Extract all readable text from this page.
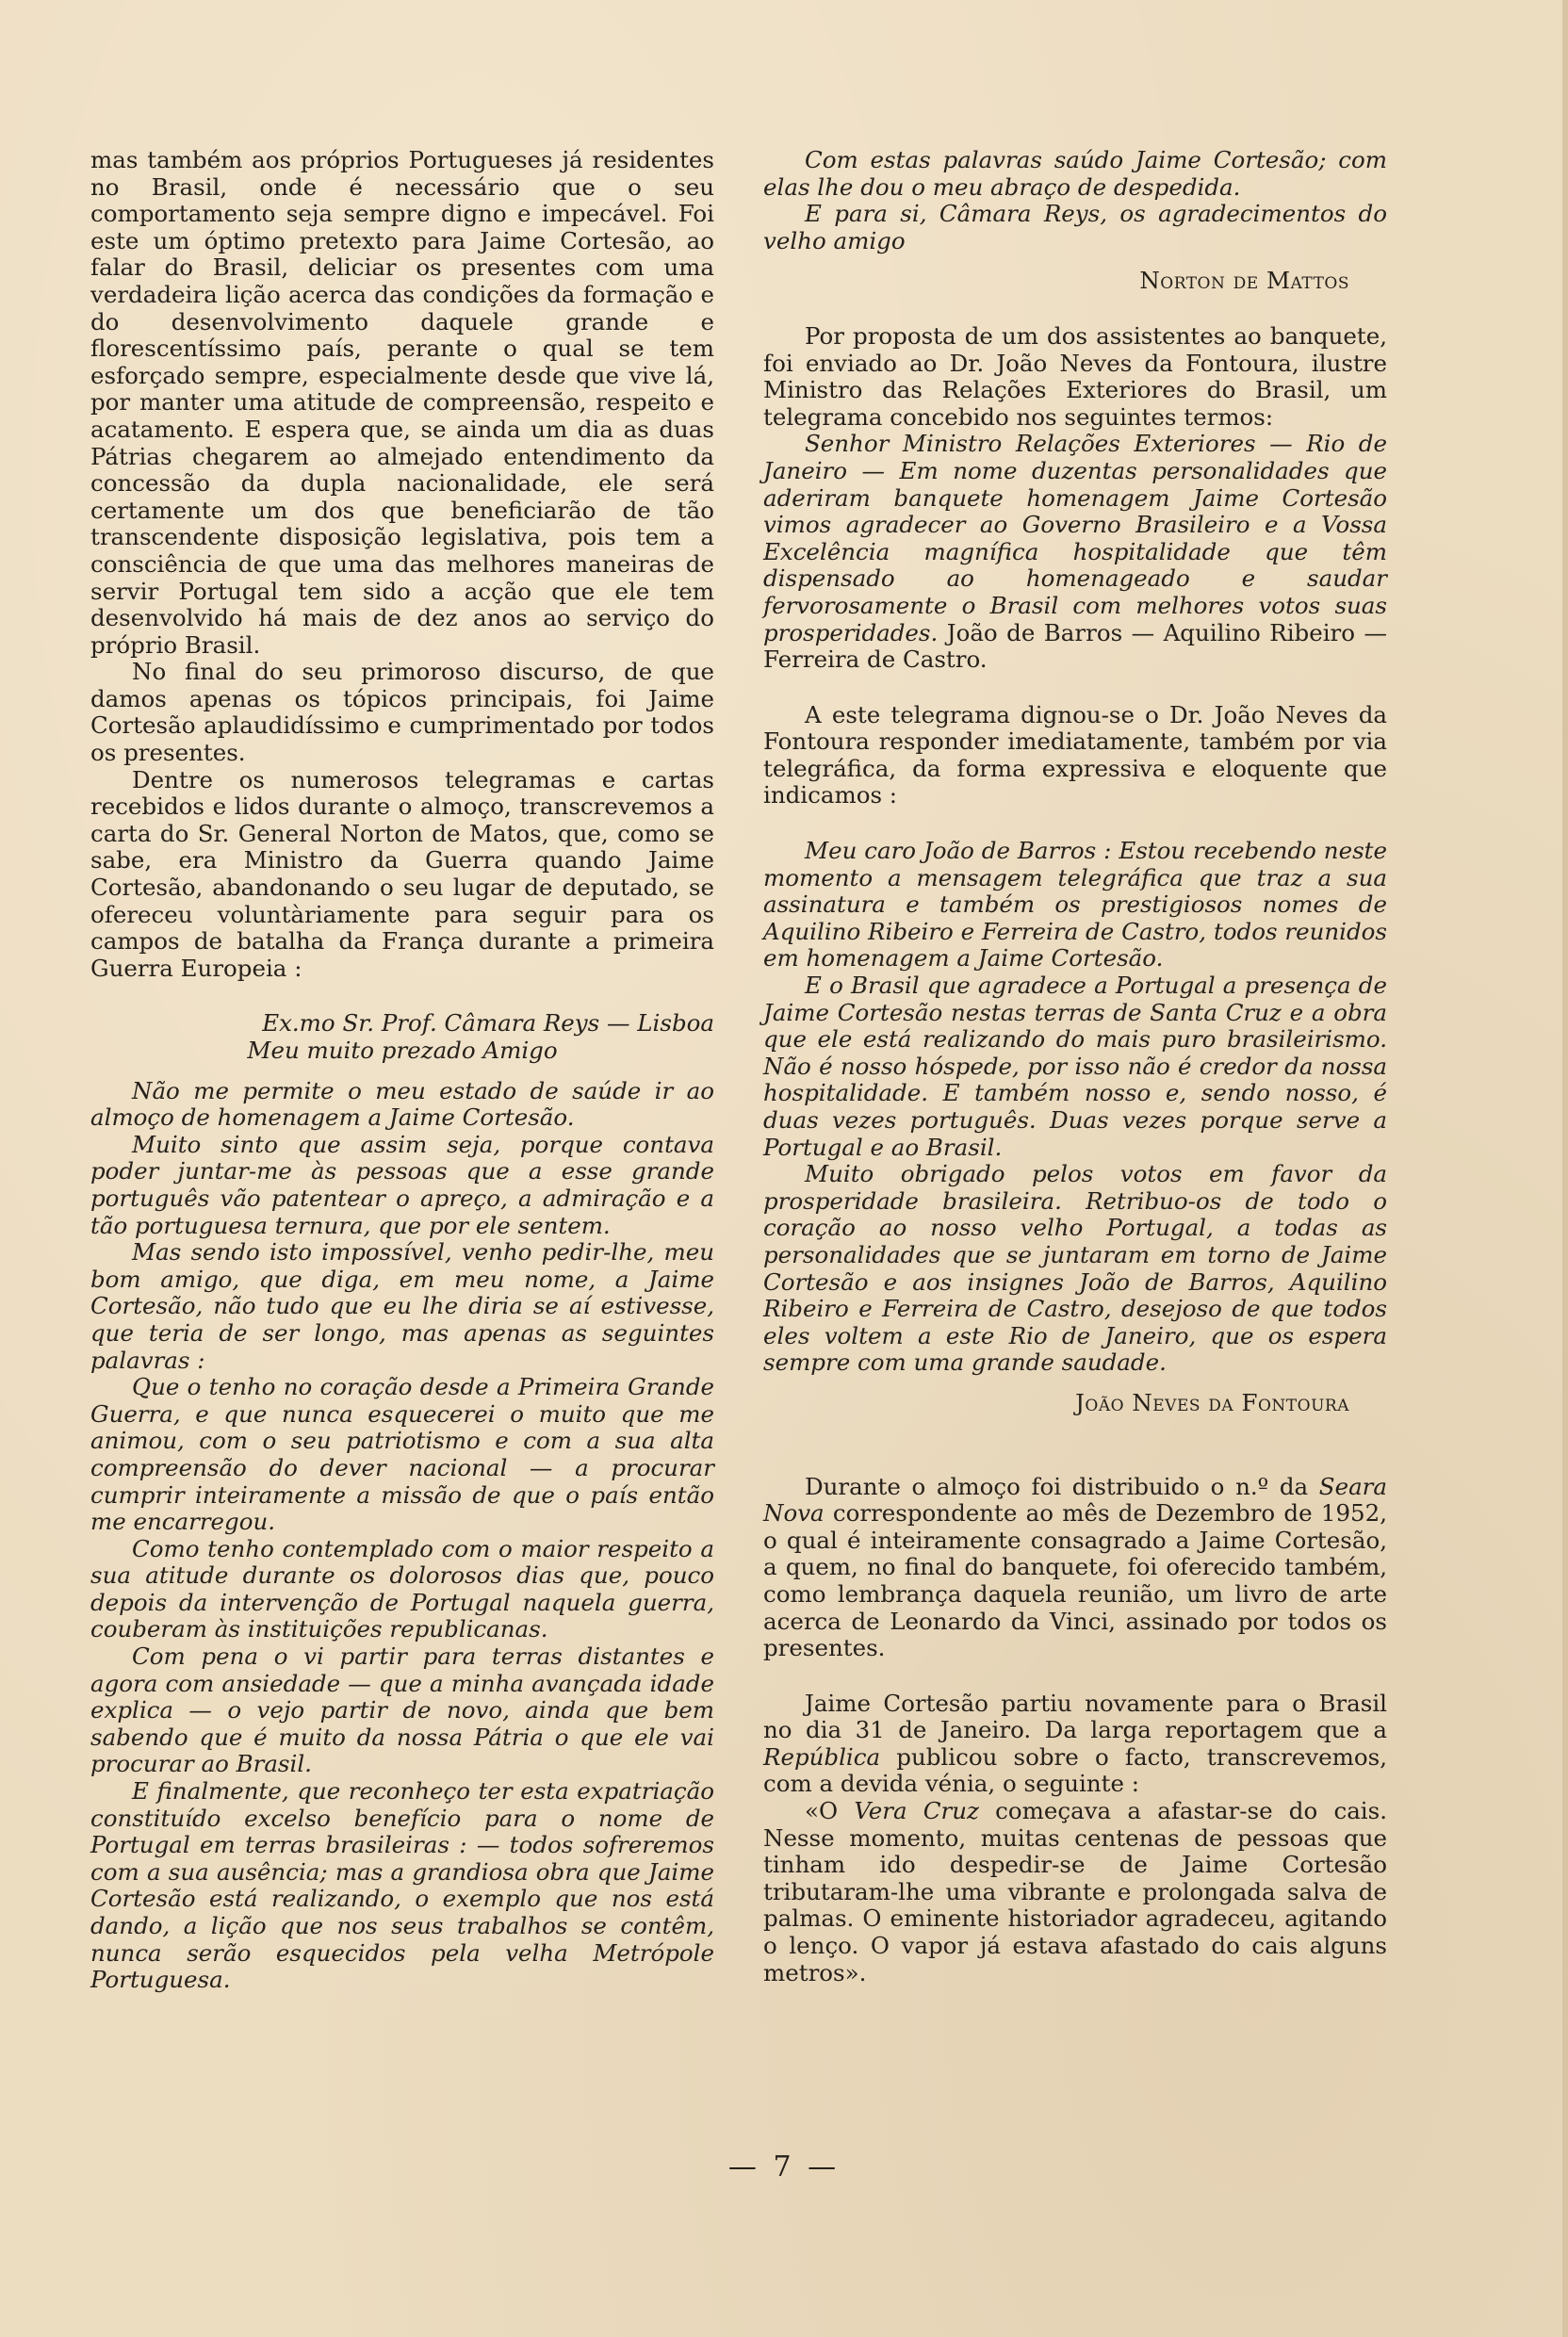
mas também aos próprios Portugueses já residentes no Brasil, onde é necessário que o seu comportamento seja sempre digno e impecável. Foi este um óptimo pretexto para Jaime Cortesão, ao falar do Brasil, deliciar os presentes com uma verdadeira lição acerca das condições da formação e do desenvolvimento daquele grande e florescentíssimo país, perante o qual se tem esforçado sempre, especialmente desde que vive lá, por manter uma atitude de compreensão, respeito e acatamento. E espera que, se ainda um dia as duas Pátrias chegarem ao almejado entendimento da concessão da dupla nacionalidade, ele será certamente um dos que beneficiarão de tão transcendente disposição legislativa, pois tem a consciência de que uma das melhores maneiras de servir Portugal tem sido a acção que ele tem desenvolvido há mais de dez anos ao serviço do próprio Brasil.

No final do seu primoroso discurso, de que damos apenas os tópicos principais, foi Jaime Cortesão aplaudidíssimo e cumprimentado por todos os presentes.

Dentre os numerosos telegramas e cartas recebidos e lidos durante o almoço, transcrevemos a carta do Sr. General Norton de Matos, que, como se sabe, era Ministro da Guerra quando Jaime Cortesão, abandonando o seu lugar de deputado, se ofereceu voluntàriamente para seguir para os campos de batalha da França durante a primeira Guerra Europeia :

Ex.mo Sr. Prof. Câmara Reys — Lisboa

Meu muito prezado Amigo

Não me permite o meu estado de saúde ir ao almoço de homenagem a Jaime Cortesão.

Muito sinto que assim seja, porque contava poder juntar-me às pessoas que a esse grande português vão patentear o apreço, a admiração e a tão portuguesa ternura, que por ele sentem.

Mas sendo isto impossível, venho pedir-lhe, meu bom amigo, que diga, em meu nome, a Jaime Cortesão, não tudo que eu lhe diria se aí estivesse, que teria de ser longo, mas apenas as seguintes palavras :

Que o tenho no coração desde a Primeira Grande Guerra, e que nunca esquecerei o muito que me animou, com o seu patriotismo e com a sua alta compreensão do dever nacional — a procurar cumprir inteiramente a missão de que o país então me encarregou.

Como tenho contemplado com o maior respeito a sua atitude durante os dolorosos dias que, pouco depois da intervenção de Portugal naquela guerra, couberam às instituições republicanas.

Com pena o vi partir para terras distantes e agora com ansiedade — que a minha avançada idade explica — o vejo partir de novo, ainda que bem sabendo que é muito da nossa Pátria o que ele vai procurar ao Brasil.

E finalmente, que reconheço ter esta expatriação constituído excelso benefício para o nome de Portugal em terras brasileiras : — todos sofreremos com a sua ausência; mas a grandiosa obra que Jaime Cortesão está realizando, o exemplo que nos está dando, a lição que nos seus trabalhos se contêm, nunca serão esquecidos pela velha Metrópole Portuguesa.

Com estas palavras saúdo Jaime Cortesão; com elas lhe dou o meu abraço de despedida.

E para si, Câmara Reys, os agradecimentos do velho amigo

Norton de Mattos

Por proposta de um dos assistentes ao banquete, foi enviado ao Dr. João Neves da Fontoura, ilustre Ministro das Relações Exteriores do Brasil, um telegrama concebido nos seguintes termos:

Senhor Ministro Relações Exteriores — Rio de Janeiro — Em nome duzentas personalidades que aderiram banquete homenagem Jaime Cortesão vimos agradecer ao Governo Brasileiro e a Vossa Excelência magnífica hospitalidade que têm dispensado ao homenageado e saudar fervorosamente o Brasil com melhores votos suas prosperidades. João de Barros — Aquilino Ribeiro — Ferreira de Castro.

A este telegrama dignou-se o Dr. João Neves da Fontoura responder imediatamente, também por via telegráfica, da forma expressiva e eloquente que indicamos :

Meu caro João de Barros : Estou recebendo neste momento a mensagem telegráfica que traz a sua assinatura e também os prestigiosos nomes de Aquilino Ribeiro e Ferreira de Castro, todos reunidos em homenagem a Jaime Cortesão.

E o Brasil que agradece a Portugal a presença de Jaime Cortesão nestas terras de Santa Cruz e a obra que ele está realizando do mais puro brasileirismo. Não é nosso hóspede, por isso não é credor da nossa hospitalidade. E também nosso e, sendo nosso, é duas vezes português. Duas vezes porque serve a Portugal e ao Brasil.

Muito obrigado pelos votos em favor da prosperidade brasileira. Retribuo-os de todo o coração ao nosso velho Portugal, a todas as personalidades que se juntaram em torno de Jaime Cortesão e aos insignes João de Barros, Aquilino Ribeiro e Ferreira de Castro, desejoso de que todos eles voltem a este Rio de Janeiro, que os espera sempre com uma grande saudade.

João Neves da Fontoura

Durante o almoço foi distribuido o n.º da Seara Nova correspondente ao mês de Dezembro de 1952, o qual é inteiramente consagrado a Jaime Cortesão, a quem, no final do banquete, foi oferecido também, como lembrança daquela reunião, um livro de arte acerca de Leonardo da Vinci, assinado por todos os presentes.

Jaime Cortesão partiu novamente para o Brasil no dia 31 de Janeiro. Da larga reportagem que a República publicou sobre o facto, transcrevemos, com a devida vénia, o seguinte :

«O Vera Cruz começava a afastar-se do cais. Nesse momento, muitas centenas de pessoas que tinham ido despedir-se de Jaime Cortesão tributaram-lhe uma vibrante e prolongada salva de palmas. O eminente historiador agradeceu, agitando o lenço. O vapor já estava afastado do cais alguns metros».

— 7 —
